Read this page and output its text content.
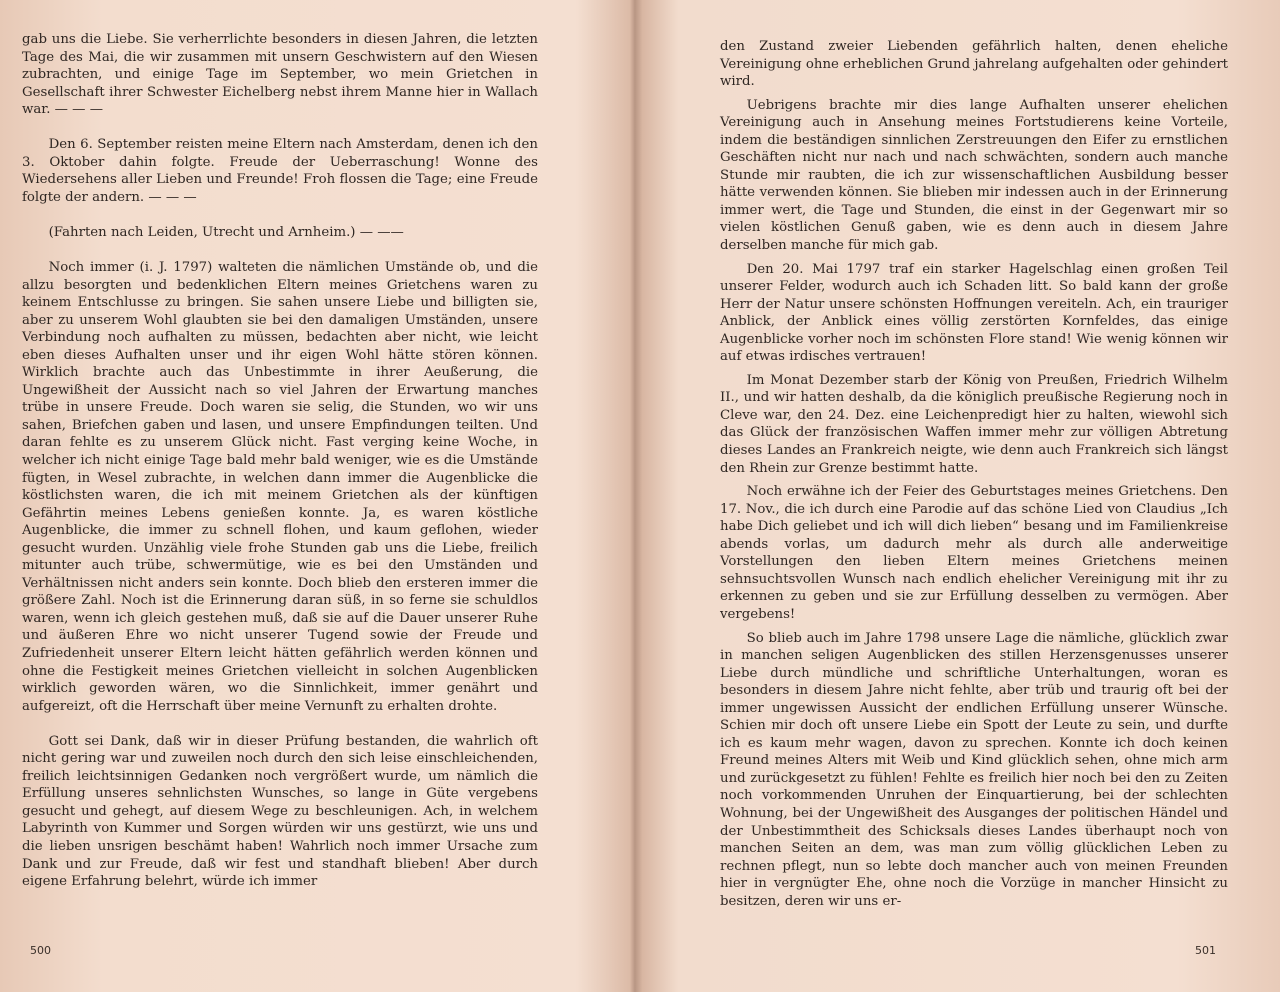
gab uns die Liebe. Sie verherrlichte besonders in diesen Jahren, die letzten Tage des Mai, die wir zusammen mit unsern Geschwistern auf den Wiesen zubrachten, und einige Tage im September, wo mein Grietchen in Gesellschaft ihrer Schwester Eichelberg nebst ihrem Manne hier in Wallach war. — — —

Den 6. September reisten meine Eltern nach Amsterdam, denen ich den 3. Oktober dahin folgte. Freude der Ueberraschung! Wonne des Wiedersehens aller Lieben und Freunde! Froh flossen die Tage; eine Freude folgte der andern. — — —

(Fahrten nach Leiden, Utrecht und Arnheim.) — ——

Noch immer (i. J. 1797) walteten die nämlichen Umstände ob, und die allzu besorgten und bedenklichen Eltern meines Grietchens waren zu keinem Entschlusse zu bringen. Sie sahen unsere Liebe und billigten sie, aber zu unserem Wohl glaubten sie bei den damaligen Umständen, unsere Verbindung noch aufhalten zu müssen, bedachten aber nicht, wie leicht eben dieses Aufhalten unser und ihr eigen Wohl hätte stören können. Wirklich brachte auch das Unbestimmte in ihrer Aeußerung, die Ungewißheit der Aussicht nach so viel Jahren der Erwartung manches trübe in unsere Freude. Doch waren sie selig, die Stunden, wo wir uns sahen, Briefchen gaben und lasen, und unsere Empfindungen teilten. Und daran fehlte es zu unserem Glück nicht. Fast verging keine Woche, in welcher ich nicht einige Tage bald mehr bald weniger, wie es die Umstände fügten, in Wesel zubrachte, in welchen dann immer die Augenblicke die köstlichsten waren, die ich mit meinem Grietchen als der künftigen Gefährtin meines Lebens genießen konnte. Ja, es waren köstliche Augenblicke, die immer zu schnell flohen, und kaum geflohen, wieder gesucht wurden. Unzählig viele frohe Stunden gab uns die Liebe, freilich mitunter auch trübe, schwermütige, wie es bei den Umständen und Verhältnissen nicht anders sein konnte. Doch blieb den ersteren immer die größere Zahl. Noch ist die Erinnerung daran süß, in so ferne sie schuldlos waren, wenn ich gleich gestehen muß, daß sie auf die Dauer unserer Ruhe und äußeren Ehre wo nicht unserer Tugend sowie der Freude und Zufriedenheit unserer Eltern leicht hätten gefährlich werden können und ohne die Festigkeit meines Grietchen vielleicht in solchen Augenblicken wirklich geworden wären, wo die Sinnlichkeit, immer genährt und aufgereizt, oft die Herrschaft über meine Vernunft zu erhalten drohte.

Gott sei Dank, daß wir in dieser Prüfung bestanden, die wahrlich oft nicht gering war und zuweilen noch durch den sich leise einschleichenden, freilich leichtsinnigen Gedanken noch vergrößert wurde, um nämlich die Erfüllung unseres sehnlichsten Wunsches, so lange in Güte vergebens gesucht und gehegt, auf diesem Wege zu beschleunigen. Ach, in welchem Labyrinth von Kummer und Sorgen würden wir uns gestürzt, wie uns und die lieben unsrigen beschämt haben! Wahrlich noch immer Ursache zum Dank und zur Freude, daß wir fest und standhaft blieben! Aber durch eigene Erfahrung belehrt, würde ich immer

500

den Zustand zweier Liebenden gefährlich halten, denen eheliche Vereinigung ohne erheblichen Grund jahrelang aufgehalten oder gehindert wird.

Uebrigens brachte mir dies lange Aufhalten unserer ehelichen Vereinigung auch in Ansehung meines Fortstudierens keine Vorteile, indem die beständigen sinnlichen Zerstreuungen den Eifer zu ernstlichen Geschäften nicht nur nach und nach schwächten, sondern auch manche Stunde mir raubten, die ich zur wissenschaftlichen Ausbildung besser hätte verwenden können. Sie blieben mir indessen auch in der Erinnerung immer wert, die Tage und Stunden, die einst in der Gegenwart mir so vielen köstlichen Genuß gaben, wie es denn auch in diesem Jahre derselben manche für mich gab.

Den 20. Mai 1797 traf ein starker Hagelschlag einen großen Teil unserer Felder, wodurch auch ich Schaden litt. So bald kann der große Herr der Natur unsere schönsten Hoffnungen vereiteln. Ach, ein trauriger Anblick, der Anblick eines völlig zerstörten Kornfeldes, das einige Augenblicke vorher noch im schönsten Flore stand! Wie wenig können wir auf etwas irdisches vertrauen!

Im Monat Dezember starb der König von Preußen, Friedrich Wilhelm II., und wir hatten deshalb, da die königlich preußische Regierung noch in Cleve war, den 24. Dez. eine Leichenpredigt hier zu halten, wiewohl sich das Glück der französischen Waffen immer mehr zur völligen Abtretung dieses Landes an Frankreich neigte, wie denn auch Frankreich sich längst den Rhein zur Grenze bestimmt hatte.

Noch erwähne ich der Feier des Geburtstages meines Grietchens. Den 17. Nov., die ich durch eine Parodie auf das schöne Lied von Claudius „Ich habe Dich geliebet und ich will dich lieben“ besang und im Familienkreise abends vorlas, um dadurch mehr als durch alle anderweitige Vorstellungen den lieben Eltern meines Grietchens meinen sehnsuchtsvollen Wunsch nach endlich ehelicher Vereinigung mit ihr zu erkennen zu geben und sie zur Erfüllung desselben zu vermögen. Aber vergebens!

So blieb auch im Jahre 1798 unsere Lage die nämliche, glücklich zwar in manchen seligen Augenblicken des stillen Herzensgenusses unserer Liebe durch mündliche und schriftliche Unterhaltungen, woran es besonders in diesem Jahre nicht fehlte, aber trüb und traurig oft bei der immer ungewissen Aussicht der endlichen Erfüllung unserer Wünsche. Schien mir doch oft unsere Liebe ein Spott der Leute zu sein, und durfte ich es kaum mehr wagen, davon zu sprechen. Konnte ich doch keinen Freund meines Alters mit Weib und Kind glücklich sehen, ohne mich arm und zurückgesetzt zu fühlen! Fehlte es freilich hier noch bei den zu Zeiten noch vorkommenden Unruhen der Einquartierung, bei der schlechten Wohnung, bei der Ungewißheit des Ausganges der politischen Händel und der Unbestimmtheit des Schicksals dieses Landes überhaupt noch von manchen Seiten an dem, was man zum völlig glücklichen Leben zu rechnen pflegt, nun so lebte doch mancher auch von meinen Freunden hier in vergnügter Ehe, ohne noch die Vorzüge in mancher Hinsicht zu besitzen, deren wir uns er-

501
